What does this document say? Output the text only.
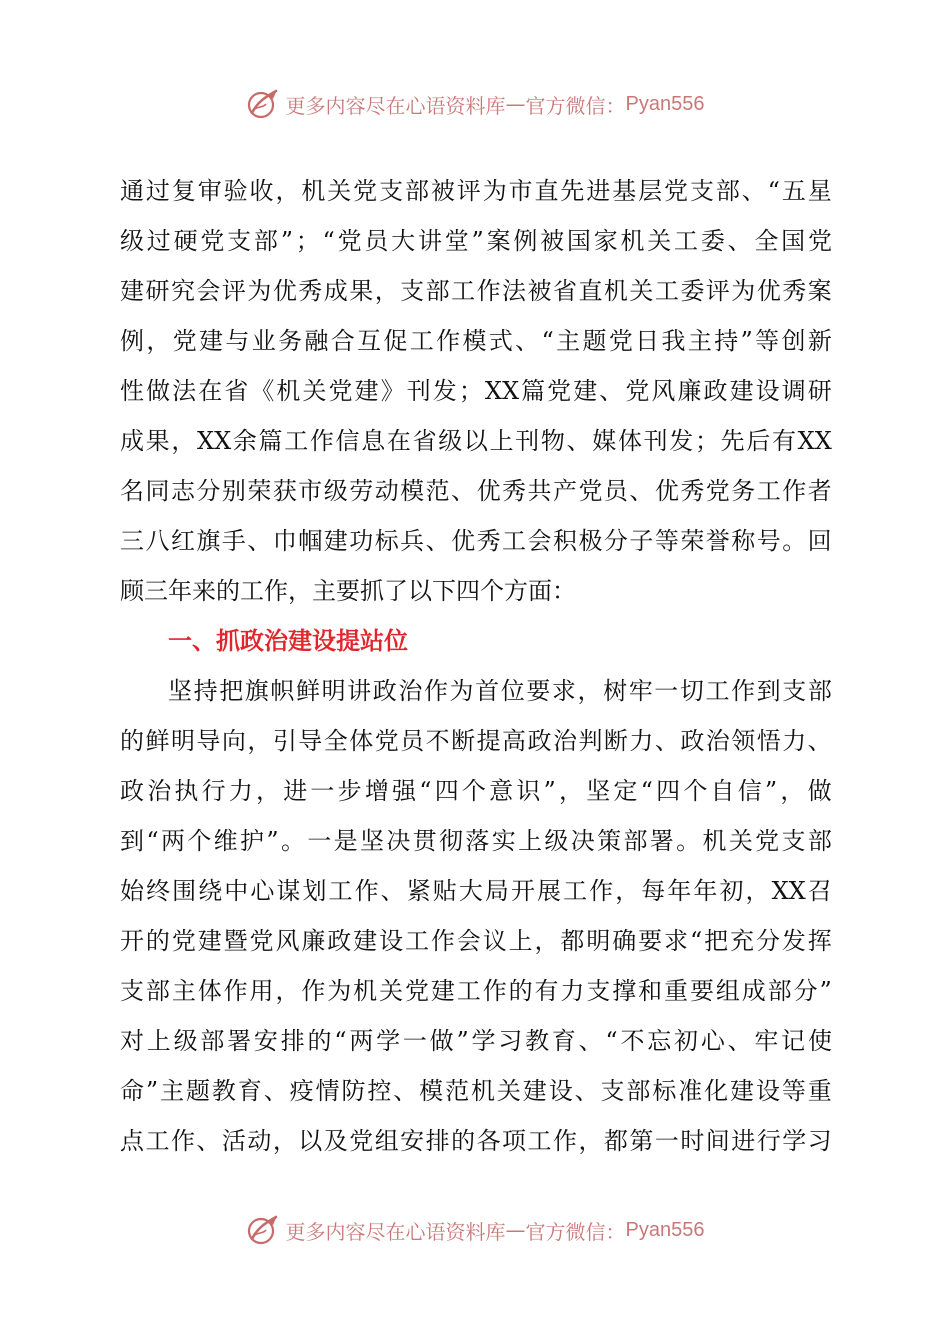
更多内容尽在心语资料库 — 官方微信： Pyan556
通 过 复 审 验 收 ， 机 关 党 支 部 被 评 为 市 直 先 进 基 层 党 支 部 、 “ 五 星
级 过 硬 党 支 部 ” ； “ 党 员 大 讲 堂 ” 案 例 被 国 家 机 关 工 委 、 全 国 党
建 研 究 会 评 为 优 秀 成 果 ， 支 部 工 作 法 被 省 直 机 关 工 委 评 为 优 秀 案
例 ， 党 建 与 业 务 融 合 互 促 工 作 模 式 、 “ 主 题 党 日 我 主 持 ” 等 创 新
性 做 法 在 省 《 机 关 党 建 》 刊 发 ； XX 篇 党 建 、 党 风 廉 政 建 设 调 研
成 果 ， XX 余 篇 工 作 信 息 在 省 级 以 上 刊 物 、 媒 体 刊 发 ； 先 后 有 XX
名 同 志 分 别 荣 获 市 级 劳 动 模 范 、 优 秀 共 产 党 员 、 优 秀 党 务 工 作 者
三 八 红 旗 手 、 巾 帼 建 功 标 兵 、 优 秀 工 会 积 极 分 子 等 荣 誉 称 号 。 回
顾三年来的工作，主要抓了以下四个方面：
一、抓政治建设提站位
坚 持 把 旗 帜 鲜 明 讲 政 治 作 为 首 位 要 求 ， 树 牢 一 切 工 作 到 支 部
的 鲜 明 导 向 ， 引 导 全 体 党 员 不 断 提 高 政 治 判 断 力 、 政 治 领 悟 力 、
政 治 执 行 力 ， 进 一 步 增 强 “ 四 个 意 识 ” ， 坚 定 “ 四 个 自 信 ” ， 做
到 “ 两 个 维 护 ” 。 一 是 坚 决 贯 彻 落 实 上 级 决 策 部 署 。 机 关 党 支 部
始 终 围 绕 中 心 谋 划 工 作 、 紧 贴 大 局 开 展 工 作 ， 每 年 年 初 ， XX 召
开 的 党 建 暨 党 风 廉 政 建 设 工 作 会 议 上 ， 都 明 确 要 求 “ 把 充 分 发 挥
支 部 主 体 作 用 ， 作 为 机 关 党 建 工 作 的 有 力 支 撑 和 重 要 组 成 部 分 ”
对 上 级 部 署 安 排 的 “ 两 学 一 做 ” 学 习 教 育 、 “ 不 忘 初 心 、 牢 记 使
命 ” 主 题 教 育 、 疫 情 防 控 、 模 范 机 关 建 设 、 支 部 标 准 化 建 设 等 重
点 工 作 、 活 动 ， 以 及 党 组 安 排 的 各 项 工 作 ， 都 第 一 时 间 进 行 学 习
更多内容尽在心语资料库 — 官方微信： Pyan556
